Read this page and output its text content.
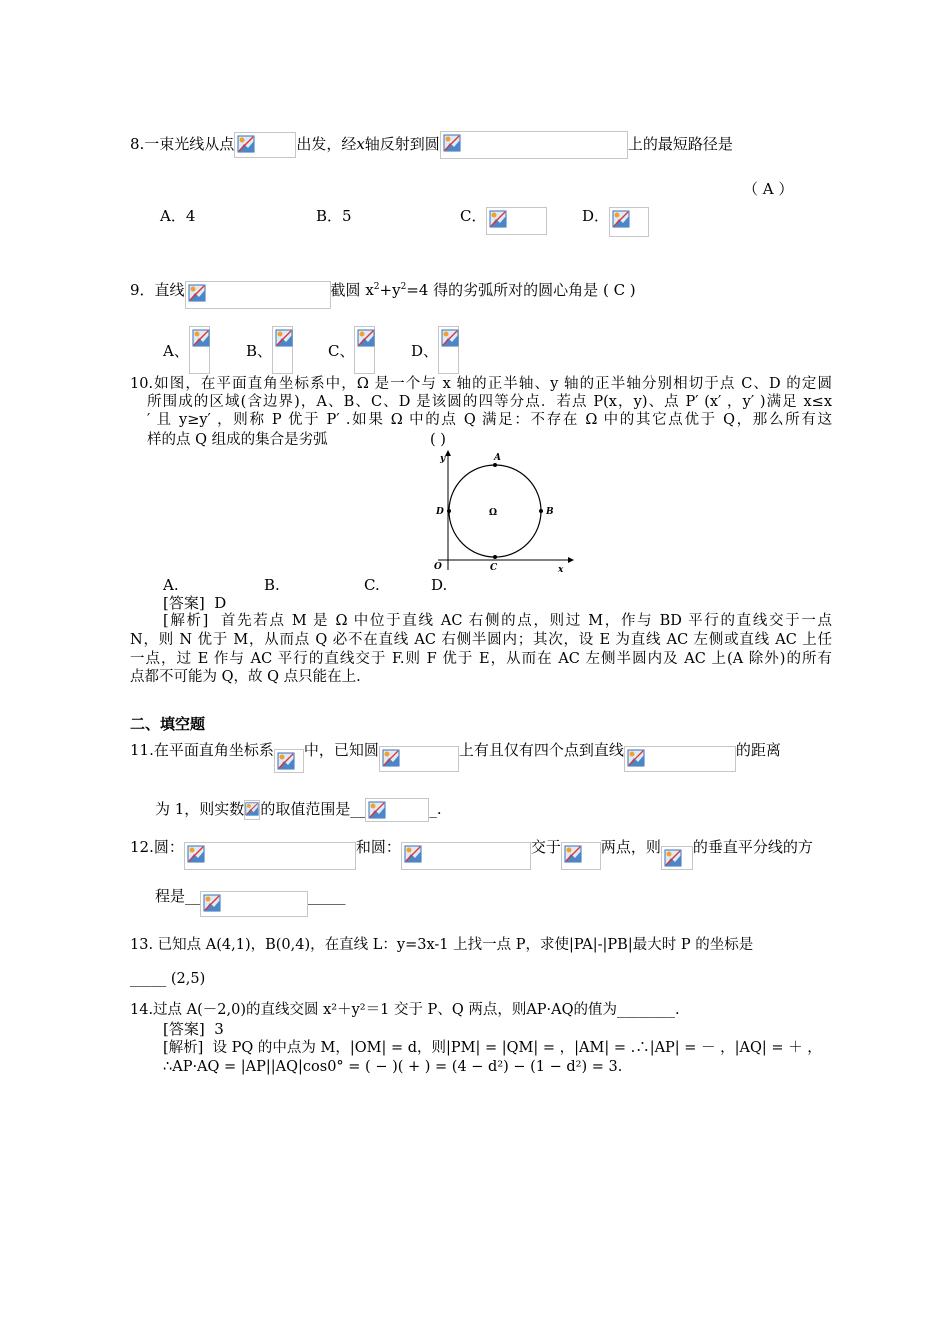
8.一束光线从点	出发，经x轴反射到圆	上的最短路径是
（ A ）
A．4	B．5	C．	D．
9．直线	截圆 $x^2+y^2=4$ 得的劣弧所对的圆心角是 ( C )
A、	B、	C、	D、
10.如图，在平面直角坐标系中，Ω 是一个与 x 轴的正半轴、y 轴的正半轴分别相切于点 C、D 的定圆
所围成的区域(含边界)，A、B、C、D 是该圆的四等分点．若点 P(x，y)、点 P′ (x′ ，y′ )满足 x≤x
′ 且 y≥y′ ，则称 P 优于 P′ .如果 Ω 中的点 Q 满足：不存在 Ω 中的其它点优于 Q，那么所有这
样的点 Q 组成的集合是劣弧	( )
y
x
O
A
B
C
D	Ω
A.	B.	C.	D.
[答案] D
[解析] 首先若点 M 是 Ω 中位于直线 AC 右侧的点，则过 M，作与 BD 平行的直线交于一点
N，则 N 优于 M，从而点 Q 必不在直线 AC 右侧半圆内；其次，设 E 为直线 AC 左侧或直线 AC 上任
一点，过 E 作与 AC 平行的直线交于 F.则 F 优于 E，从而在 AC 左侧半圆内及 AC 上(A 除外)的所有
点都不可能为 Q，故 Q 点只能在上.
二、填空题
11.在平面直角坐标系 中，已知圆	上有且仅有四个点到直线	的距离
为 1，则实数 的取值范围是__	_.
12.圆：	和圆：	交于	两点，则 的垂直平分线的方
程是__	_____
13. 已知点 A(4,1)，B(0,4)，在直线 L：y=3x-1 上找一点 P，求使|PA|-|PB|最大时 P 的坐标是
_____ (2,5)
14.过点 A(－2,0)的直线交圆 x²＋y²＝1 交于 P、Q 两点，则AP·AQ的值为________.
[答案] 3
[解析] 设 PQ 的中点为 M，|OM| = d，则|PM| = |QM| = ，|AM| = .∴|AP| = － ，|AQ| = ＋ ，
∴AP·AQ = |AP||AQ|cos0° = ( − )( + ) = (4 − d²) − (1 − d²) = 3.
